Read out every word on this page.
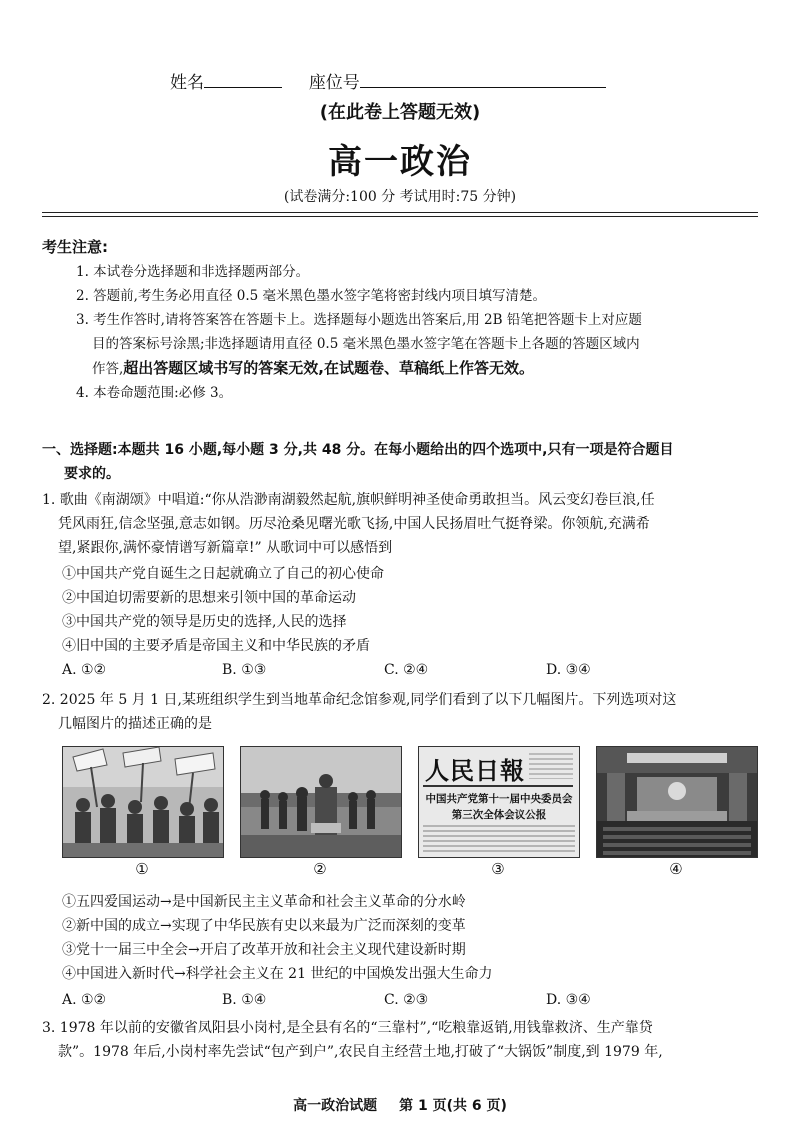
姓名	座位号
(在此卷上答题无效)
高一政治
(试卷满分:100 分 考试用时:75 分钟)
考生注意:
1. 本试卷分选择题和非选择题两部分。
2. 答题前,考生务必用直径 0.5 毫米黑色墨水签字笔将密封线内项目填写清楚。
3. 考生作答时,请将答案答在答题卡上。选择题每小题选出答案后,用 2B 铅笔把答题卡上对应题
目的答案标号涂黑;非选择题请用直径 0.5 毫米黑色墨水签字笔在答题卡上各题的答题区域内
作答,超出答题区域书写的答案无效,在试题卷、草稿纸上作答无效。
4. 本卷命题范围:必修 3。
一、选择题:本题共 16 小题,每小题 3 分,共 48 分。在每小题给出的四个选项中,只有一项是符合题目
要求的。
1. 歌曲《南湖颂》中唱道:“你从浩渺南湖毅然起航,旗帜鲜明神圣使命勇敢担当。风云变幻卷巨浪,任
凭风雨狂,信念坚强,意志如钢。历尽沧桑见曙光歌飞扬,中国人民扬眉吐气挺脊梁。你领航,充满希
望,紧跟你,满怀豪情谱写新篇章!” 从歌词中可以感悟到
①中国共产党自诞生之日起就确立了自己的初心使命
②中国迫切需要新的思想来引领中国的革命运动
③中国共产党的领导是历史的选择,人民的选择
④旧中国的主要矛盾是帝国主义和中华民族的矛盾
A. ①②	B. ①③	C. ②④	D. ③④
2. 2025 年 5 月 1 日,某班组织学生到当地革命纪念馆参观,同学们看到了以下几幅图片。下列选项对这
几幅图片的描述正确的是
人民日報
中国共产党第十一届中央委员会
第三次全体会议公报
①	②	③	④
①五四爱国运动→是中国新民主主义革命和社会主义革命的分水岭
②新中国的成立→实现了中华民族有史以来最为广泛而深刻的变革
③党十一届三中全会→开启了改革开放和社会主义现代建设新时期
④中国进入新时代→科学社会主义在 21 世纪的中国焕发出强大生命力
A. ①②	B. ①④	C. ②③	D. ③④
3. 1978 年以前的安徽省凤阳县小岗村,是全县有名的“三靠村”,“吃粮靠返销,用钱靠救济、生产靠贷
款”。1978 年后,小岗村率先尝试“包产到户”,农民自主经营土地,打破了“大锅饭”制度,到 1979 年,
高一政治试题 第 1 页(共 6 页)
